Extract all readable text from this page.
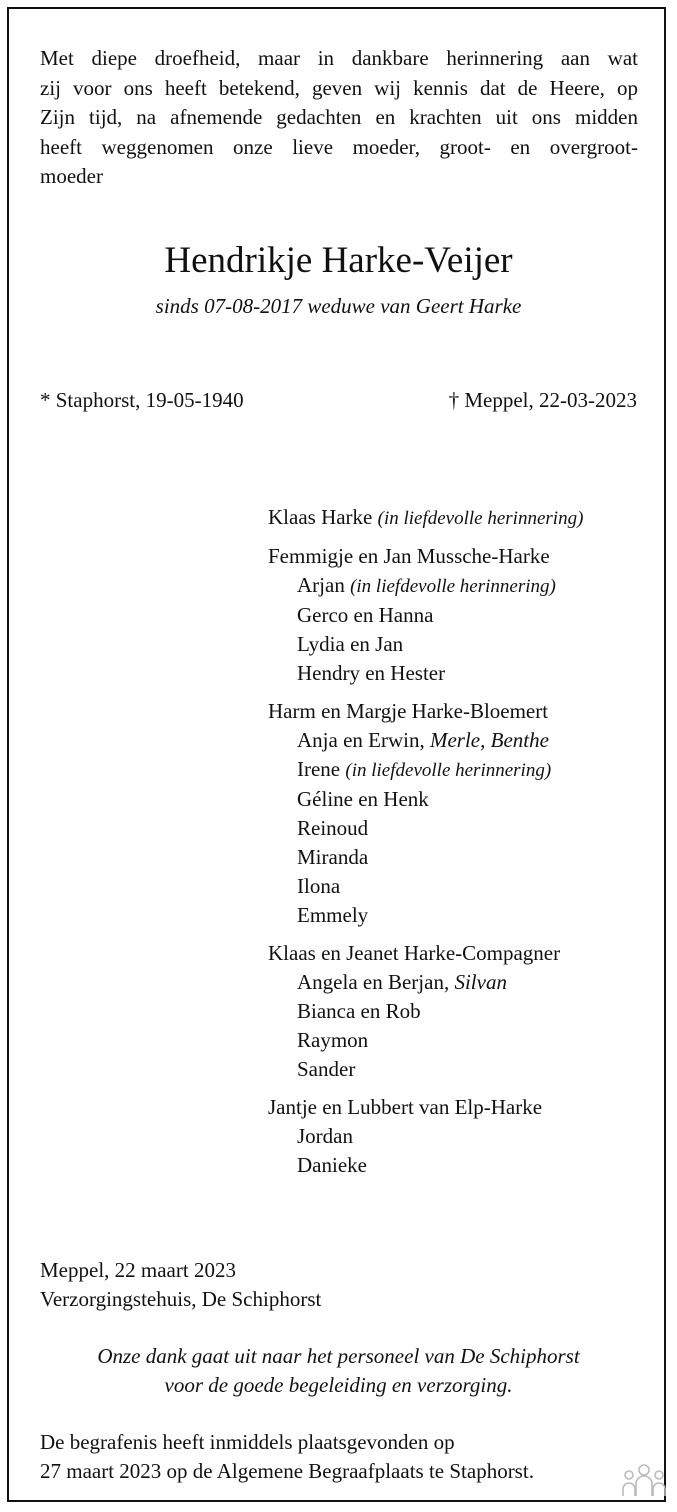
Met diepe droefheid, maar in dankbare herinnering aan wat
zij voor ons heeft betekend, geven wij kennis dat de Heere, op
Zijn tijd, na afnemende gedachten en krachten uit ons midden
heeft weggenomen onze lieve moeder, groot- en overgroot-
moeder
Hendrikje Harke-Veijer
sinds 07-08-2017 weduwe van Geert Harke
* Staphorst, 19-05-1940	† Meppel, 22-03-2023
Klaas Harke (in liefdevolle herinnering)
Femmigje en Jan Mussche-Harke
Arjan (in liefdevolle herinnering)
Gerco en Hanna
Lydia en Jan
Hendry en Hester
Harm en Margje Harke-Bloemert
Anja en Erwin, Merle, Benthe
Irene (in liefdevolle herinnering)
Géline en Henk
Reinoud
Miranda
Ilona
Emmely
Klaas en Jeanet Harke-Compagner
Angela en Berjan, Silvan
Bianca en Rob
Raymon
Sander
Jantje en Lubbert van Elp-Harke
Jordan
Danieke
Meppel, 22 maart 2023
Verzorgingstehuis, De Schiphorst
Onze dank gaat uit naar het personeel van De Schiphorst
voor de goede begeleiding en verzorging.
De begrafenis heeft inmiddels plaatsgevonden op
27 maart 2023 op de Algemene Begraafplaats te Staphorst.
